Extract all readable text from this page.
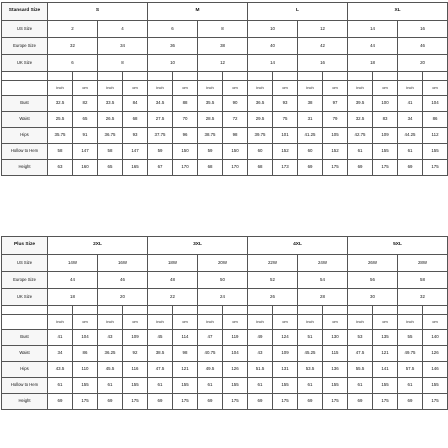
Stansard Size	S				M				L				XL			
US Size	2		4		6		8		10		12		14		16	
Europe Size	32		34		36		38		40		42		44		46	
UK Size	6		8		10		12		14		16		18		20	

	inch	cm	inch	cm	inch	cm	inch	cm	inch	cm	inch	cm	inch	cm	inch	cm
Bust	32.5	82	33.5	84	34.5	88	35.5	90	36.5	93	38	97	39.5	100	41	104
Waist	25.5	65	26.5	68	27.5	70	28.5	72	29.5	75	31	79	32.5	83	34	86
Hips	35.75	91	36.75	93	37.75	96	38.75	98	39.75	101	41.25	105	42.75	109	44.25	112
Hollow to Hem	58	147	58	147	59	150	59	150	60	152	60	152	61	155	61	155
Height	63	160	65	165	67	170	68	170	68	173	69	175	69	175	69	175
Plus Size	2XL				3XL				4XL				5XL			
US Size	14W		16W		18W		20W		22W		24W		26W		28W	
Europe Size	44		46		48		50		52		54		56		58	
UK Size	18		20		22		24		26		28		30		32	

	inch	cm	inch	cm	inch	cm	inch	cm	inch	cm	inch	cm	inch	cm	inch	cm
Bust	41	104	43	109	45	114	47	119	49	124	51	130	53	135	55	140
Waist	34	86	36.25	92	38.5	98	40.75	104	43	109	45.25	115	47.5	121	49.75	126
Hips	43.5	110	45.5	116	47.5	121	49.5	126	51.5	131	53.5	136	55.5	141	57.5	146
Hollow to Hem	61	155	61	155	61	155	61	155	61	155	61	155	61	155	61	155
Height	69	175	69	175	69	175	69	175	69	175	69	175	69	175	69	175
